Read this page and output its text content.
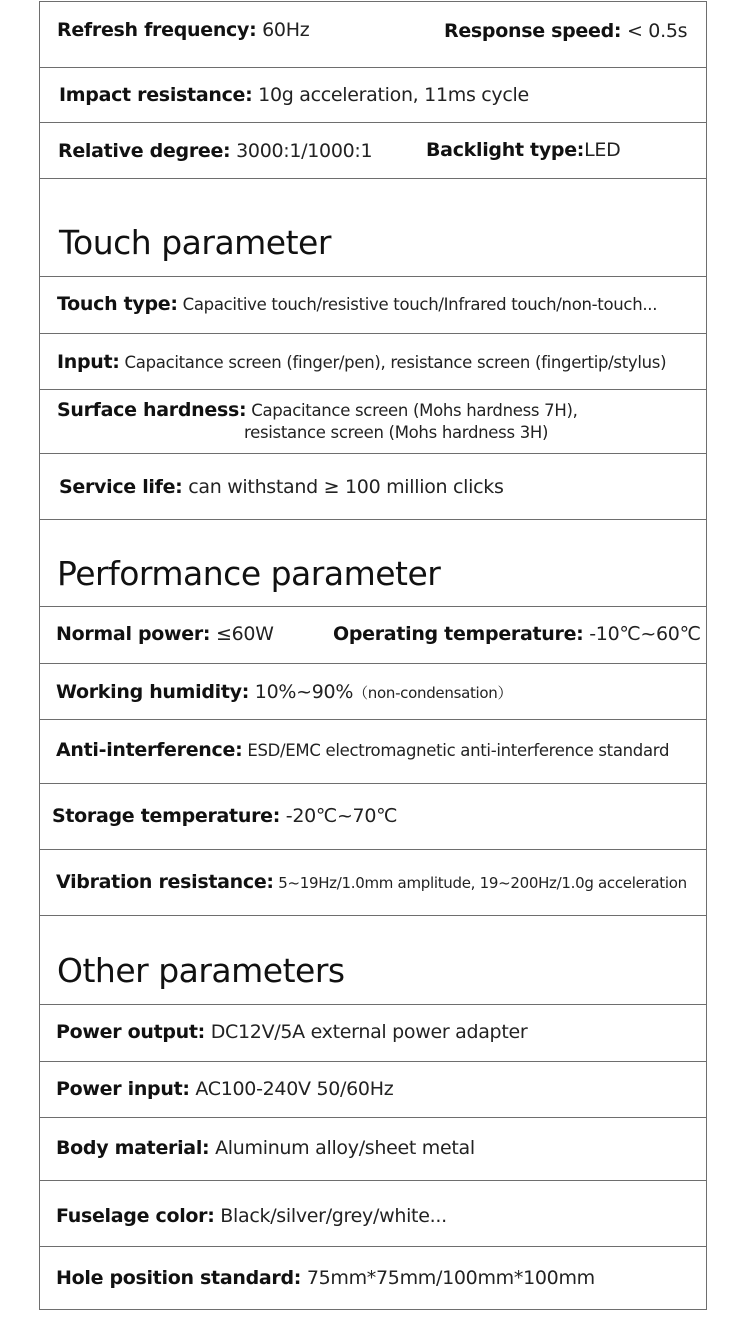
Refresh frequency: 60Hz	Response speed: < 0.5s
Impact resistance: 10g acceleration, 11ms cycle
Relative degree: 3000:1/1000:1	Backlight type:LED
Touch parameter
Touch type: Capacitive touch/resistive touch/Infrared touch/non-touch...
Input: Capacitance screen (finger/pen), resistance screen (fingertip/stylus)
Surface hardness: Capacitance screen (Mohs hardness 7H),
resistance screen (Mohs hardness 3H)
Service life: can withstand ≥ 100 million clicks
Performance parameter
Normal power: ≤60W	Operating temperature: -10℃~60℃
Working humidity: 10%~90%（non-condensation）
Anti-interference: ESD/EMC electromagnetic anti-interference standard
Storage temperature: -20℃~70℃
Vibration resistance: 5~19Hz/1.0mm amplitude, 19~200Hz/1.0g acceleration
Other parameters
Power output: DC12V/5A external power adapter
Power input: AC100-240V 50/60Hz
Body material: Aluminum alloy/sheet metal
Fuselage color: Black/silver/grey/white...
Hole position standard: 75mm*75mm/100mm*100mm
